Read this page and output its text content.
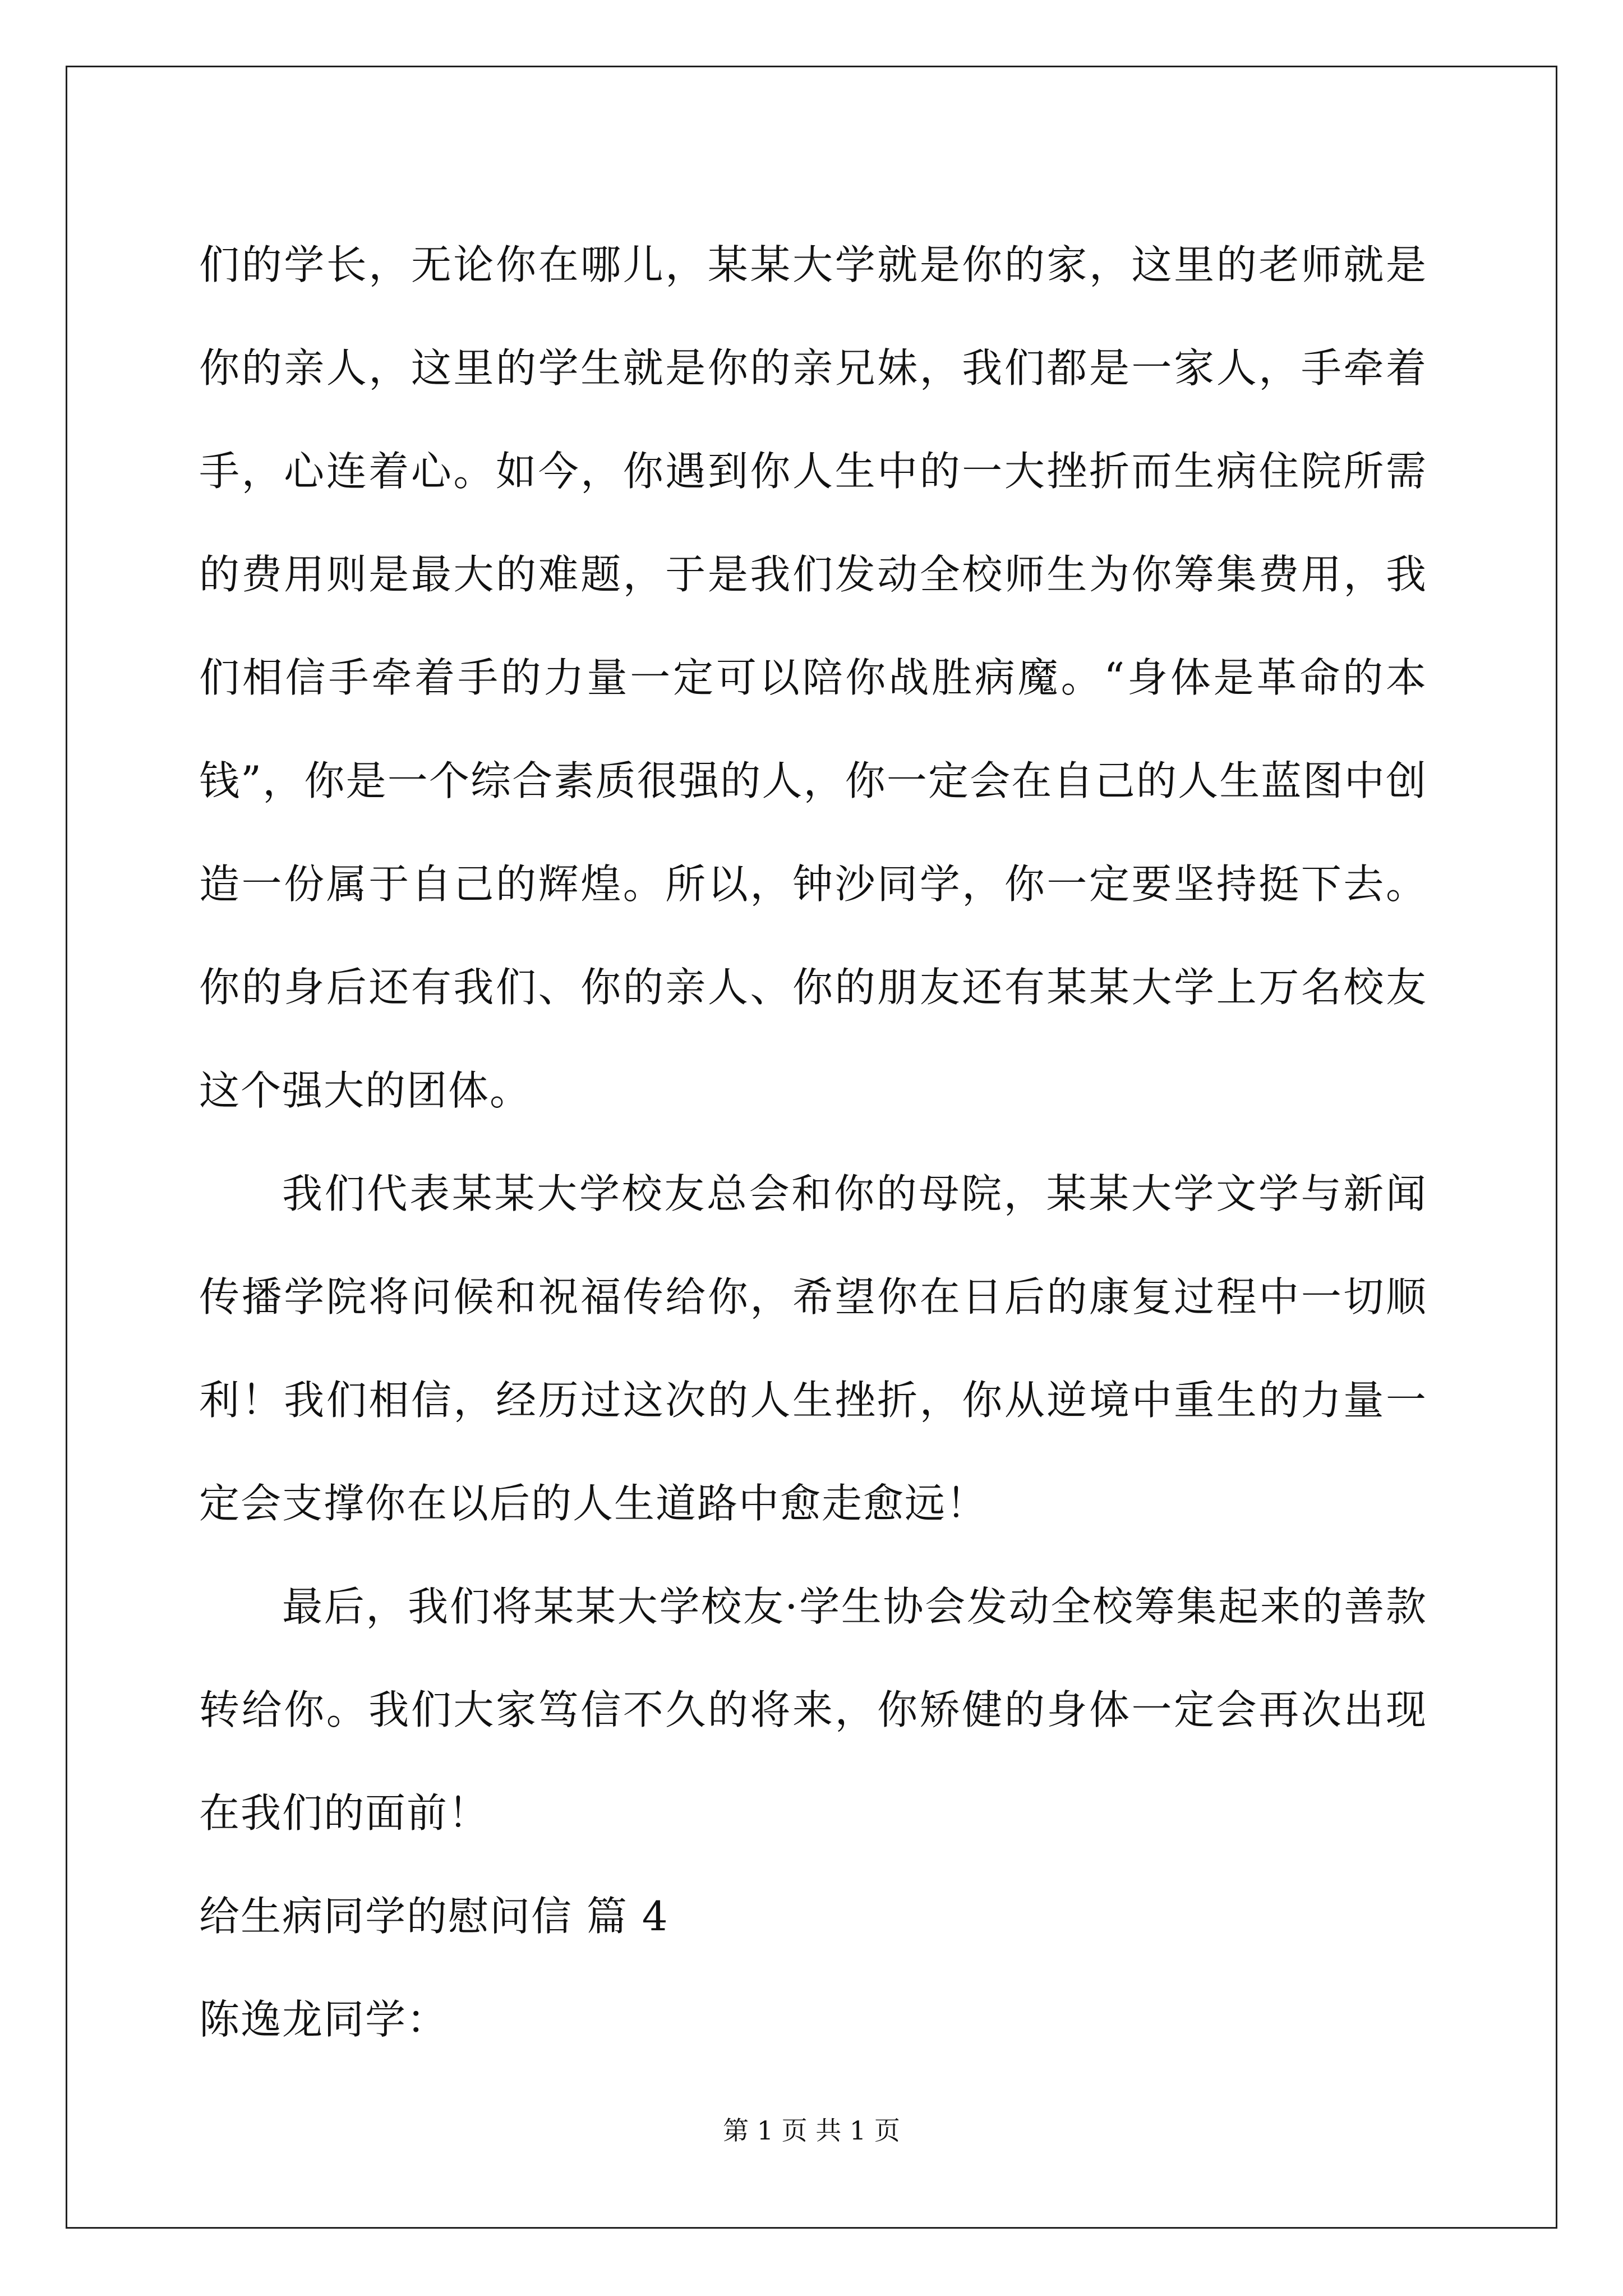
们的学长，无论你在哪儿，某某大学就是你的家，这里的老师就是你的亲人，这里的学生就是你的亲兄妹，我们都是一家人，手牵着手，心连着心。如今，你遇到你人生中的一大挫折而生病住院所需的费用则是最大的难题，于是我们发动全校师生为你筹集费用，我们相信手牵着手的力量一定可以陪你战胜病魔。“身体是革命的本钱”，你是一个综合素质很强的人，你一定会在自己的人生蓝图中创造一份属于自己的辉煌。所以，钟沙同学，你一定要坚持挺下去。你的身后还有我们、你的亲人、你的朋友还有某某大学上万名校友这个强大的团体。

我们代表某某大学校友总会和你的母院，某某大学文学与新闻传播学院将问候和祝福传给你，希望你在日后的康复过程中一切顺利！我们相信，经历过这次的人生挫折，你从逆境中重生的力量一定会支撑你在以后的人生道路中愈走愈远！

最后，我们将某某大学校友·学生协会发动全校筹集起来的善款转给你。我们大家笃信不久的将来，你矫健的身体一定会再次出现在我们的面前！

给生病同学的慰问信 篇 4

陈逸龙同学：

第 1 页 共 1 页
